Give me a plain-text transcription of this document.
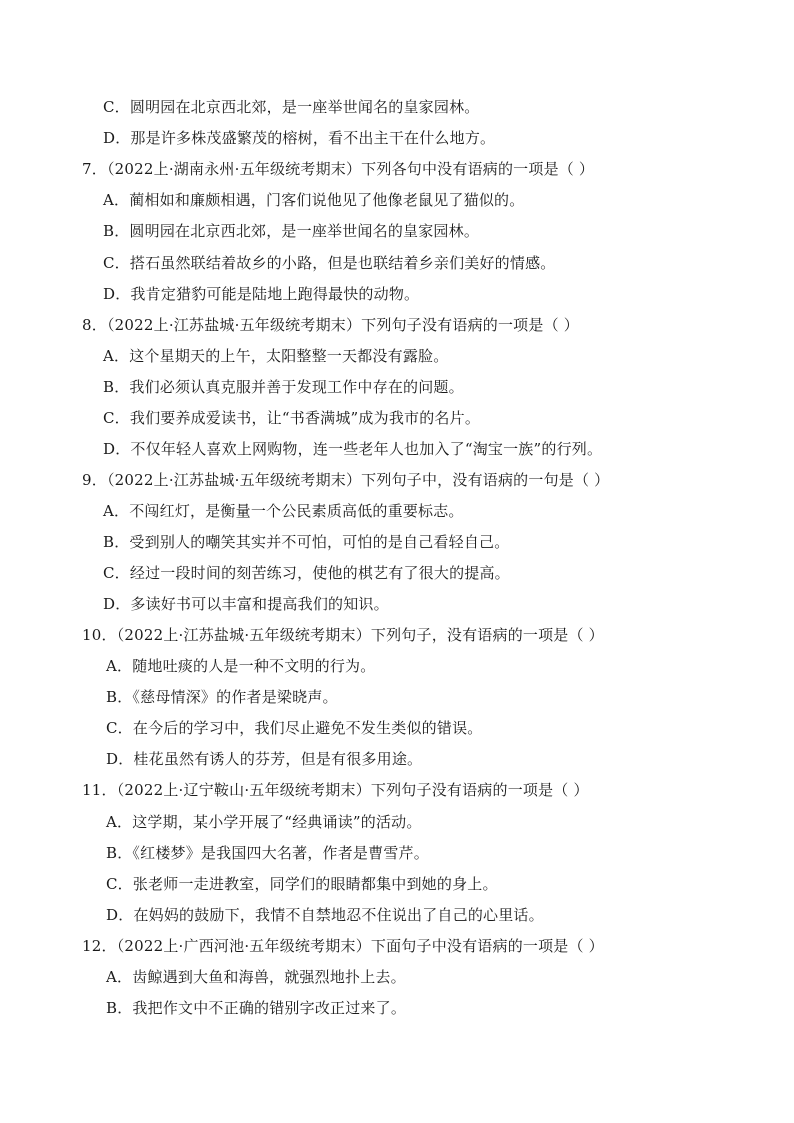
C．圆明园在北京西北郊，是一座举世闻名的皇家园林。
D．那是许多株茂盛繁茂的榕树，看不出主干在什么地方。
7．（2022上·湖南永州·五年级统考期末）下列各句中没有语病的一项是（ ）
A．蔺相如和廉颇相遇，门客们说他见了他像老鼠见了猫似的。
B．圆明园在北京西北郊，是一座举世闻名的皇家园林。
C．搭石虽然联结着故乡的小路，但是也联结着乡亲们美好的情感。
D．我肯定猎豹可能是陆地上跑得最快的动物。
8．（2022上·江苏盐城·五年级统考期末）下列句子没有语病的一项是（ ）
A．这个星期天的上午，太阳整整一天都没有露脸。
B．我们必须认真克服并善于发现工作中存在的问题。
C．我们要养成爱读书，让“书香满城”成为我市的名片。
D．不仅年轻人喜欢上网购物，连一些老年人也加入了“淘宝一族”的行列。
9．（2022上·江苏盐城·五年级统考期末）下列句子中，没有语病的一句是（ ）
A．不闯红灯，是衡量一个公民素质高低的重要标志。
B．受到别人的嘲笑其实并不可怕，可怕的是自己看轻自己。
C．经过一段时间的刻苦练习，使他的棋艺有了很大的提高。
D．多读好书可以丰富和提高我们的知识。
10．（2022上·江苏盐城·五年级统考期末）下列句子，没有语病的一项是（ ）
A．随地吐痰的人是一种不文明的行为。
B．《慈母情深》的作者是梁晓声。
C．在今后的学习中，我们尽止避免不发生类似的错误。
D．桂花虽然有诱人的芬芳，但是有很多用途。
11．（2022上·辽宁鞍山·五年级统考期末）下列句子没有语病的一项是（ ）
A．这学期，某小学开展了“经典诵读”的活动。
B．《红楼梦》是我国四大名著，作者是曹雪芹。
C．张老师一走进教室，同学们的眼睛都集中到她的身上。
D．在妈妈的鼓励下，我情不自禁地忍不住说出了自己的心里话。
12．（2022上·广西河池·五年级统考期末）下面句子中没有语病的一项是（ ）
A．齿鲸遇到大鱼和海兽，就强烈地扑上去。
B．我把作文中不正确的错别字改正过来了。
